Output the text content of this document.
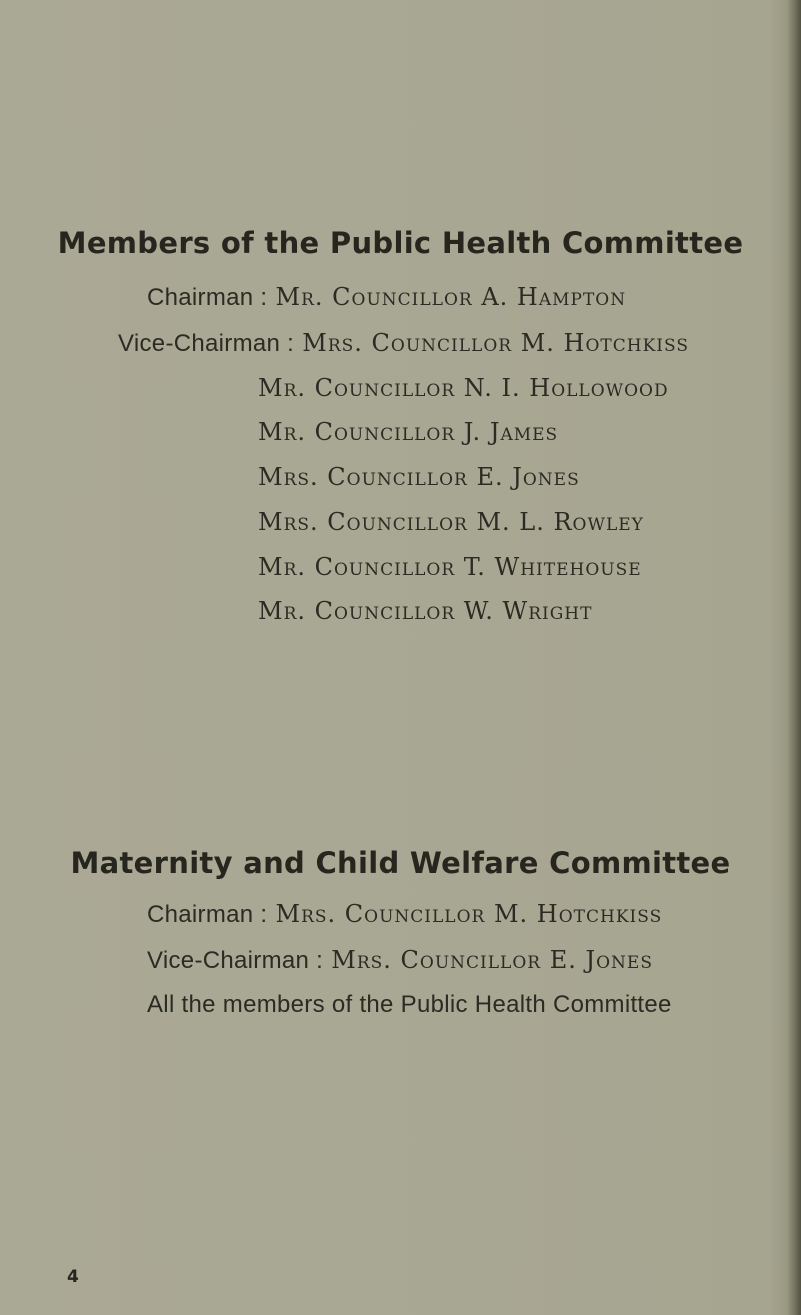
Members of the Public Health Committee

Chairman : Mr. Councillor A. Hampton

Vice-Chairman : Mrs. Councillor M. Hotchkiss

Mr. Councillor N. I. Hollowood

Mr. Councillor J. James

Mrs. Councillor E. Jones

Mrs. Councillor M. L. Rowley

Mr. Councillor T. Whitehouse

Mr. Councillor W. Wright

Maternity and Child Welfare Committee

Chairman : Mrs. Councillor M. Hotchkiss

Vice-Chairman : Mrs. Councillor E. Jones

All the members of the Public Health Committee

4
